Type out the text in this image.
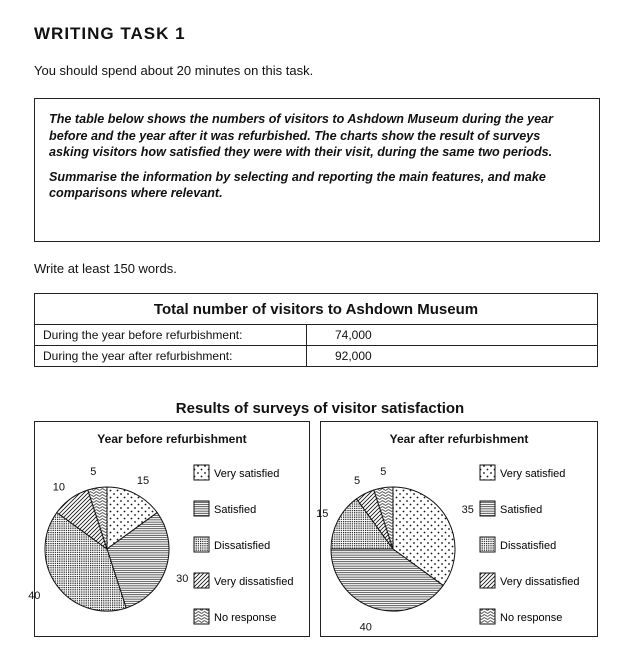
WRITING TASK 1
You should spend about 20 minutes on this task.

The table below shows the numbers of visitors to Ashdown Museum during the year before and the year after it was refurbished. The charts show the result of surveys asking visitors how satisfied they were with their visit, during the same two periods.

Summarise the information by selecting and reporting the main features, and make comparisons where relevant.

Write at least 150 words.
Total number of visitors to Ashdown Museum	
During the year before refurbishment:	74,000
During the year after refurbishment:	92,000
Results of surveys of visitor satisfaction
Year before refurbishment
15
30
40
10
5	Very satisfied
Satisfied
Dissatisfied
Very dissatisfied
No response
Year after refurbishment
35
40
15
5
5	Very satisfied
Satisfied
Dissatisfied
Very dissatisfied
No response
